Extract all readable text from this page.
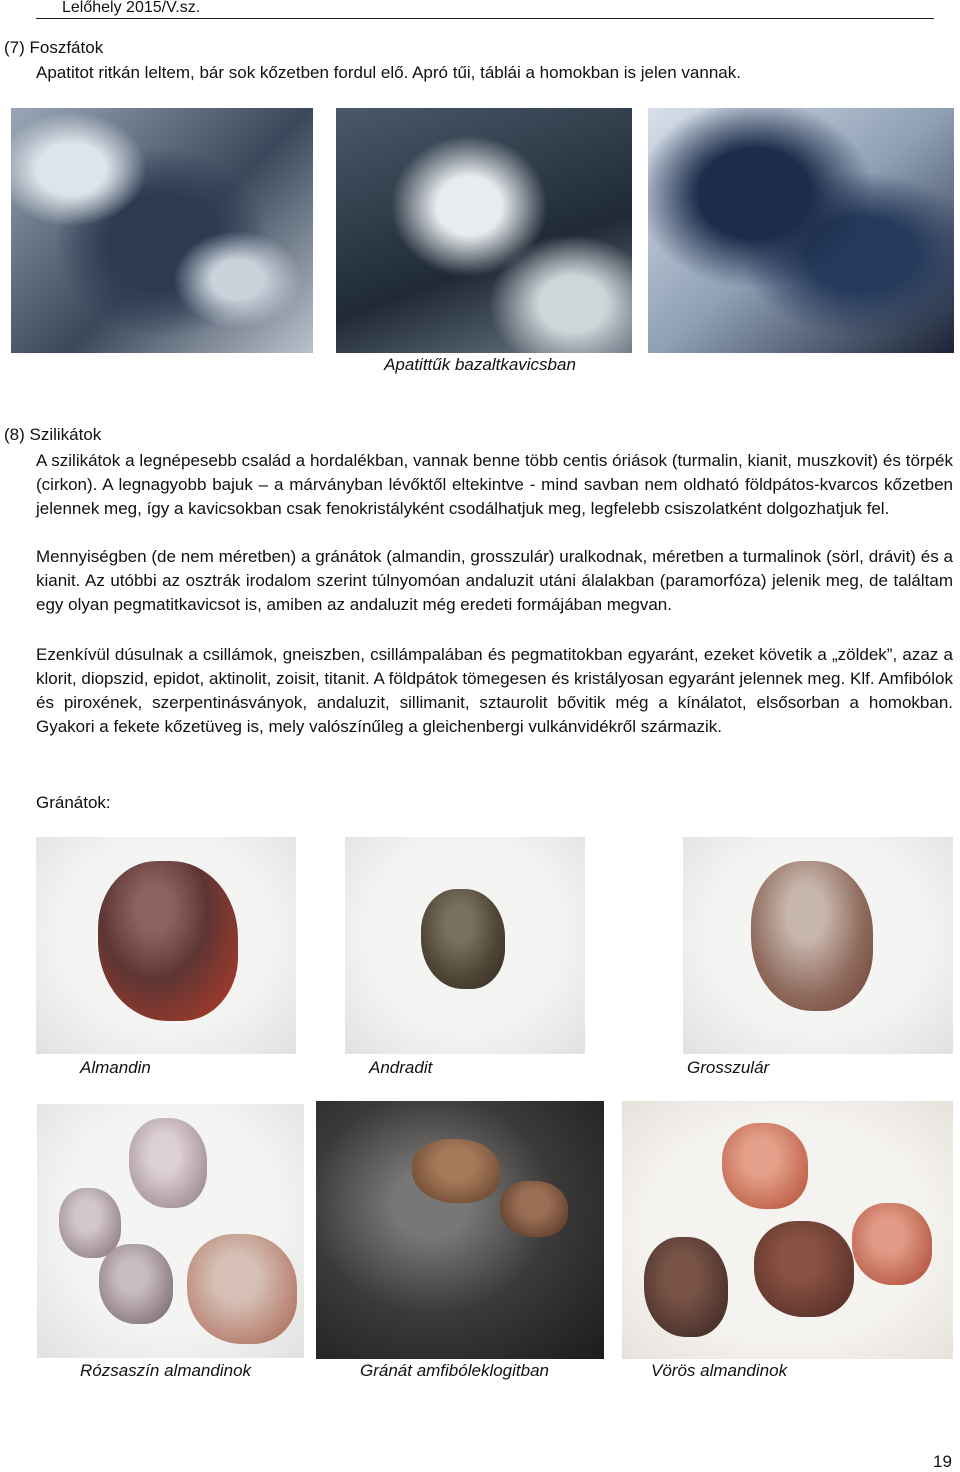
Lelőhely 2015/V.sz.
(7) Foszfátok

Apatitot ritkán leltem, bár sok kőzetben fordul elő. Apró tűi, táblái a homokban is jelen vannak.

Apatittűk bazaltkavicsban
(8) Szilikátok

A szilikátok a legnépesebb család a hordalékban, vannak benne több centis óriások (turmalin, kianit, muszkovit) és törpék (cirkon). A legnagyobb bajuk – a márványban lévőktől eltekintve - mind savban nem oldható földpátos-kvarcos kőzetben jelennek meg, így a kavicsokban csak fenokristályként csodálhatjuk meg, legfelebb csiszolatként dolgozhatjuk fel.

Mennyiségben (de nem méretben) a gránátok (almandin, grosszulár) uralkodnak, méretben a turmalinok (sörl, drávit) és a kianit. Az utóbbi az osztrák irodalom szerint túlnyomóan andaluzit utáni álalakban (paramorfóza) jelenik meg, de találtam egy olyan pegmatitkavicsot is, amiben az andaluzit még eredeti formájában megvan.

Ezenkívül dúsulnak a csillámok, gneiszben, csillámpalában és pegmatitokban egyaránt, ezeket követik a „zöldek”, azaz a klorit, diopszid, epidot, aktinolit, zoisit, titanit. A földpátok tömegesen és kristályosan egyaránt jelennek meg. Klf. Amfibólok és piroxének, szerpentinásványok, andaluzit, sillimanit, sztaurolit bővitik még a kínálatot, elsősorban a homokban. Gyakori a fekete kőzetüveg is, mely valószínűleg a gleichenbergi vulkánvidékről származik.

Gránátok:
Almandin	Andradit	Grosszulár
Rózsaszín almandinok	Gránát amfibóleklogitban	Vörös almandinok
19
